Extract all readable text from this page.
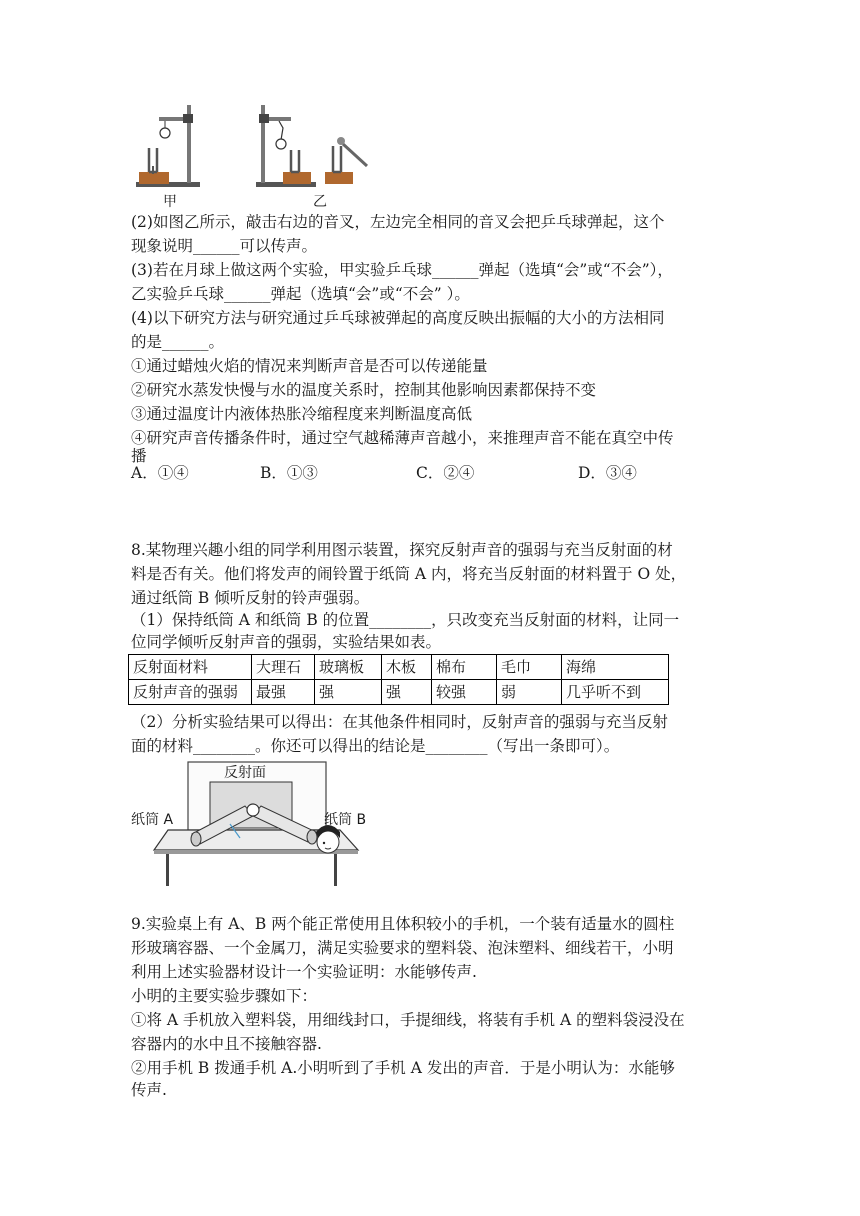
甲	乙
(2)如图乙所示，敲击右边的音叉，左边完全相同的音叉会把乒乓球弹起，这个
现象说明______可以传声。
(3)若在月球上做这两个实验，甲实验乒乓球______弹起（选填“会”或“不会”），
乙实验乒乓球______弹起（选填“会”或“不会” ）。
(4)以下研究方法与研究通过乒乓球被弹起的高度反映出振幅的大小的方法相同
的是______。
①通过蜡烛火焰的情况来判断声音是否可以传递能量
②研究水蒸发快慢与水的温度关系时，控制其他影响因素都保持不变
③通过温度计内液体热胀冷缩程度来判断温度高低
④研究声音传播条件时，通过空气越稀薄声音越小，来推理声音不能在真空中传
播
A．①④	B．①③	C．②④	D．③④
8.某物理兴趣小组的同学利用图示装置，探究反射声音的强弱与充当反射面的材
料是否有关。他们将发声的闹铃置于纸筒 A 内，将充当反射面的材料置于 O 处，
通过纸筒 B 倾听反射的铃声强弱。
（1）保持纸筒 A 和纸筒 B 的位置________，只改变充当反射面的材料，让同一
位同学倾听反射声音的强弱，实验结果如表。
反射面材料	大理石	玻璃板	木板	棉布	毛巾	海绵
反射声音的强弱	最强	强	强	较强	弱	几乎听不到
（2）分析实验结果可以得出：在其他条件相同时，反射声音的强弱与充当反射
面的材料________。你还可以得出的结论是________（写出一条即可）。
反射面
纸筒 A	纸筒 B
9.实验桌上有 A、B 两个能正常使用且体积较小的手机，一个装有适量水的圆柱
形玻璃容器、一个金属刀，满足实验要求的塑料袋、泡沫塑料、细线若干，小明
利用上述实验器材设计一个实验证明：水能够传声.
小明的主要实验步骤如下：
①将 A 手机放入塑料袋，用细线封口，手提细线，将装有手机 A 的塑料袋浸没在
容器内的水中且不接触容器.
②用手机 B 拨通手机 A.小明听到了手机 A 发出的声音．于是小明认为：水能够
传声.
